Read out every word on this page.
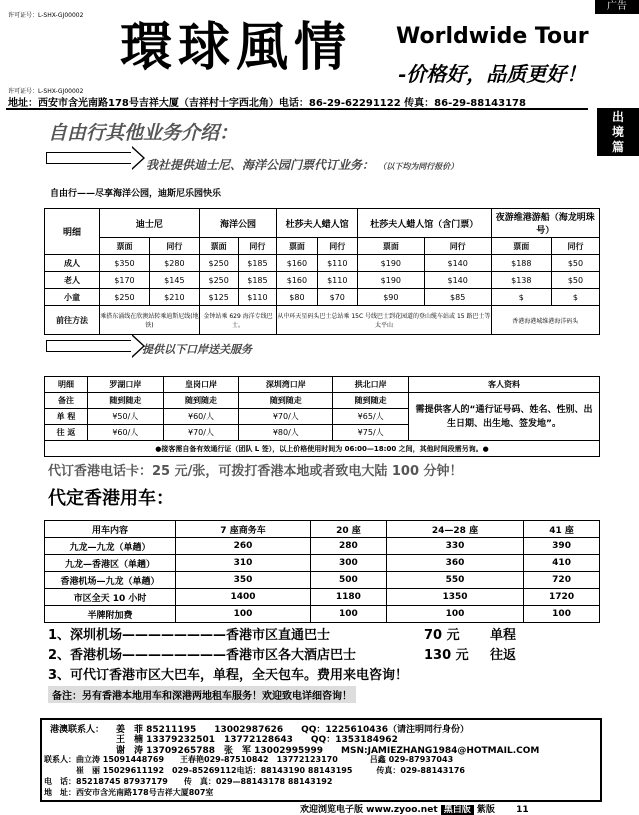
广告
出
境
篇
许可证号：L-SHX-GJ00002
環球風情 Worldwide Tour
-价格好，品质更好！
许可证号：L-SHX-GJ00002
地址：西安市含光南路178号吉祥大厦（吉祥村十字西北角）电话：86-29-62291122 传真：86-29-88143178
自由行其他业务介绍：
我社提供迪士尼、海洋公园门票代订业务： （以下均为同行报价）
自由行——尽享海洋公园，迪斯尼乐园快乐
明细	迪士尼		海洋公园		杜莎夫人蜡人馆		杜莎夫人蜡人馆（含门票）		夜游维港游船（海龙明珠号）	
	票面	同行	票面	同行	票面	同行	票面	同行	票面	同行
成人	$350	$280	$250	$185	$160	$110	$190	$140	$188	$50
老人	$170	$145	$250	$185	$160	$110	$190	$140	$138	$50
小童	$250	$210	$125	$110	$80	$70	$90	$85	$	$
前往方法	乘搭东涌线在欣澳站转乘迪斯尼线(地铁)		金钟站乘 629 海洋专线巴士。		从中环天星码头巴士总站乘 15C 号线巴士到花园道的登山缆车站或 15 路巴士等太平山				香港海港城维港海洋码头	
提供以下口岸送关服务
明细	罗湖口岸	皇岗口岸	深圳湾口岸	拱北口岸	客人资料
备注	随到随走	随到随走	随到随走	随到随走	需提供客人的“通行证号码、姓名、性别、出生日期、出生地、签发地”。
单 程	¥50/人	¥60/人	¥70/人	¥65/人	
往 返	¥60/人	¥70/人	¥80/人	¥75/人	
●接客需自备有效通行证（团队 L 签），以上价格使用时间为 06:00—18:00 之间，其他时间段需另询。●					
代订香港电话卡：25 元/张，可拨打香港本地或者致电大陆 100 分钟！
代定香港用车：
用车内容	7 座商务车	20 座	24—28 座	41 座
九龙—九龙（单趟）	260	280	330	390
九龙—香港区（单趟）	310	300	360	410
香港机场—九龙（单趟）	350	500	550	720
市区全天 10 小时	1400	1180	1350	1720
半牌附加费	100	100	100	100
1、深圳机场————————香港市区直通巴士	70 元 单程
2、香港机场————————香港市区各大酒店巴士	130 元 往返
3、可代订香港市区大巴车，单程，全天包车。费用来电咨询！
备注：另有香港本地用车和深港两地租车服务！欢迎致电详细咨询！
港澳联系人： 姜　菲 85211195　　13002987626　　QQ：1225610436（请注明同行身份）
王　楠 13379232501　13772128643　　QQ：1353184962
谢　涛 13709265788　张　军 13002995999　　MSN:JAMIEZHANG1984@HOTMAIL.COM
联系人：曲立涛 15091448769　　王春艳029-87510842　13772123170　　　　吕鑫 029-87937043
　　　　崔　丽 15029611192　029-85269112电话：88143190 88143195　　　传真：029-88143176
电　话：85218745 87937179　　传　真：029—88143178 88143192
地　址：西安市含光南路178号吉祥大厦807室
欢迎浏览电子版 www.zyoo.net 黑白版 紫版 11
